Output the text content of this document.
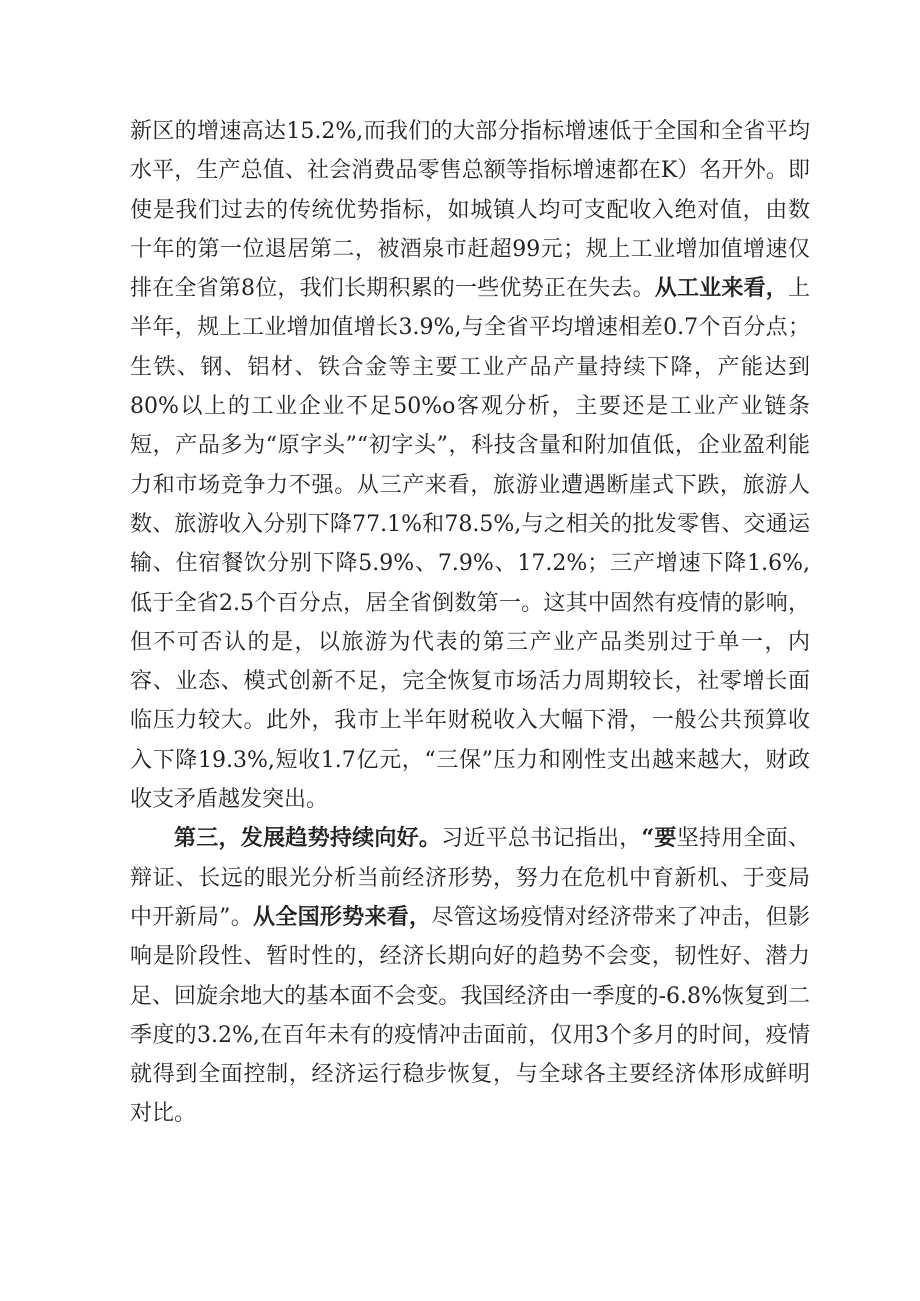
新区的增速高达15.2%,而我们的大部分指标增速低于全国和全省平均水平，生产总值、社会消费品零售总额等指标增速都在K）名开外。即使是我们过去的传统优势指标，如城镇人均可支配收入绝对值，由数十年的第一位退居第二，被酒泉市赶超99元；规上工业增加值增速仅排在全省第8位，我们长期积累的一些优势正在失去。从工业来看，上半年，规上工业增加值增长3.9%,与全省平均增速相差0.7个百分点；生铁、钢、铝材、铁合金等主要工业产品产量持续下降，产能达到80%以上的工业企业不足50%o客观分析，主要还是工业产业链条短，产品多为“原字头”“初字头”，科技含量和附加值低，企业盈利能力和市场竞争力不强。从三产来看，旅游业遭遇断崖式下跌，旅游人数、旅游收入分别下降77.1%和78.5%,与之相关的批发零售、交通运输、住宿餐饮分别下降5.9%、7.9%、17.2%；三产增速下降1.6%,低于全省2.5个百分点，居全省倒数第一。这其中固然有疫情的影响，但不可否认的是，以旅游为代表的第三产业产品类别过于单一，内容、业态、模式创新不足，完全恢复市场活力周期较长，社零增长面临压力较大。此外，我市上半年财税收入大幅下滑，一般公共预算收入下降19.3%,短收1.7亿元，“三保”压力和刚性支出越来越大，财政收支矛盾越发突出。

第三，发展趋势持续向好。习近平总书记指出，“要坚持用全面、辩证、长远的眼光分析当前经济形势，努力在危机中育新机、于变局中开新局”。从全国形势来看，尽管这场疫情对经济带来了冲击，但影响是阶段性、暂时性的，经济长期向好的趋势不会变，韧性好、潜力足、回旋余地大的基本面不会变。我国经济由一季度的-6.8%恢复到二季度的3.2%,在百年未有的疫情冲击面前，仅用3个多月的时间，疫情就得到全面控制，经济运行稳步恢复，与全球各主要经济体形成鲜明对比。
